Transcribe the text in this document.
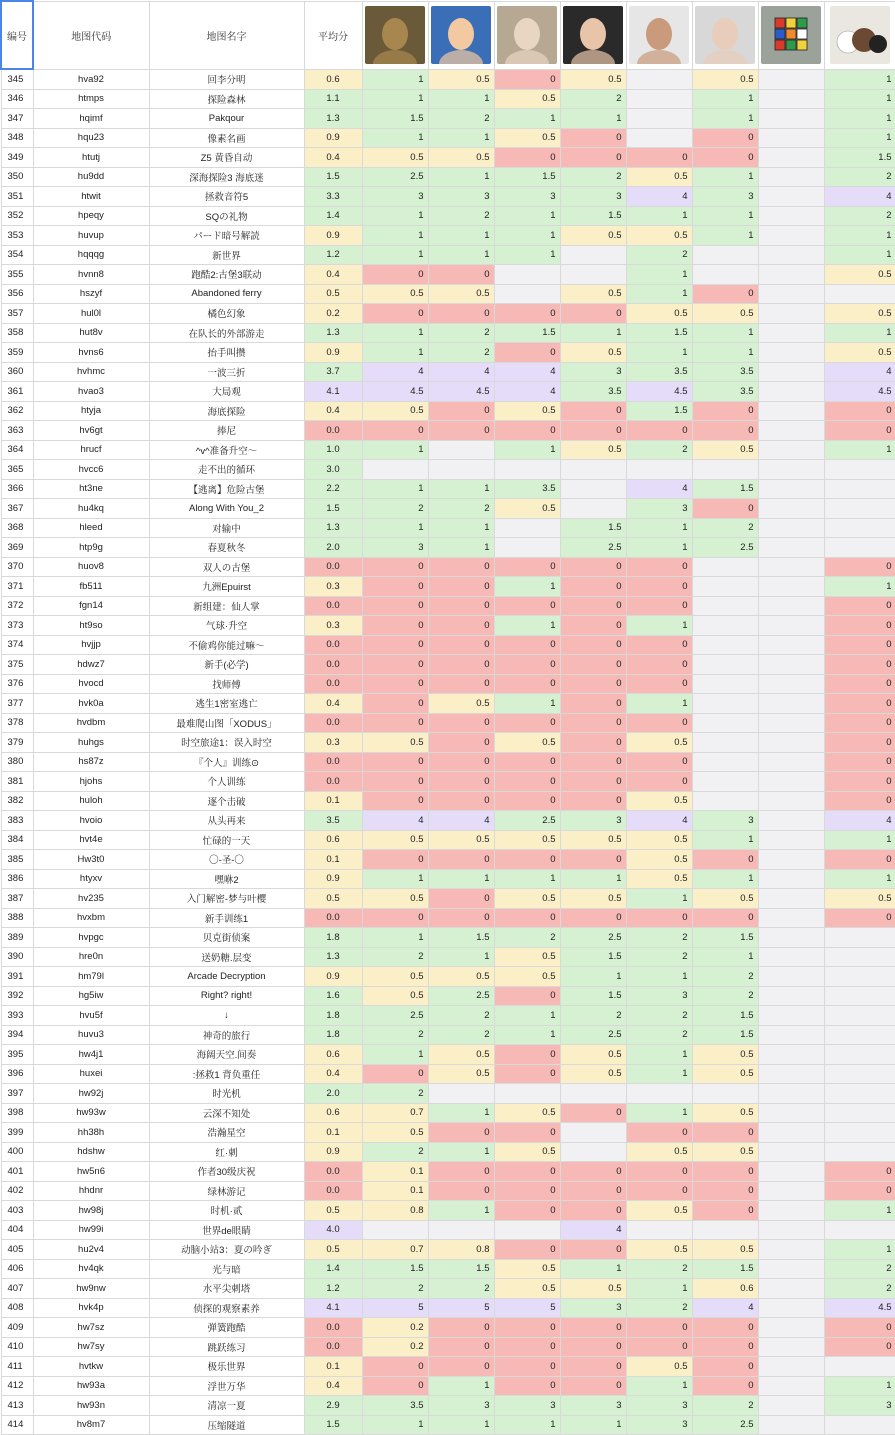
编号	地图代码	地图名字	平均分	

345	hva92	回李分明	0.6	1	0.5	0	0.5		0.5		1
346	htmps	探险森林	1.1	1	1	0.5	2		1		1
347	hqimf	Pakqour	1.3	1.5	2	1	1		1		1
348	hqu23	像素名画	0.9	1	1	0.5	0		0		1
349	htutj	Z5 黄昏自动	0.4	0.5	0.5	0	0	0	0		1.5
350	hu9dd	深海探险3 海底迷	1.5	2.5	1	1.5	2	0.5	1		2
351	htwit	拯救音符5	3.3	3	3	3	3	4	3		4
352	hpeqy	SQの礼物	1.4	1	2	1	1.5	1	1		2
353	huvup	パード暗号解読	0.9	1	1	1	0.5	0.5	1		1
354	hqqqg	新世界	1.2	1	1	1		2			1
355	hvnn8	跑酷2:古堡3联动	0.4	0	0			1			0.5
356	hszyf	Abandoned ferry	0.5	0.5	0.5		0.5	1	0		
357	hul0l	橘色幻象	0.2	0	0	0	0	0.5	0.5		0.5
358	hut8v	在队长的外部游走	1.3	1	2	1.5	1	1.5	1		1
359	hvns6	抬手叫攒	0.9	1	2	0	0.5	1	1		0.5
360	hvhmc	一波三折	3.7	4	4	4	3	3.5	3.5		4
361	hvao3	大局观	4.1	4.5	4.5	4	3.5	4.5	3.5		4.5
362	htyja	海底探险	0.4	0.5	0	0.5	0	1.5	0		0
363	hv6gt	捧尼	0.0	0	0	0	0	0	0		0
364	hrucf	^v^准备升空～	1.0	1		1	0.5	2	0.5		1
365	hvcc6	走不出的循环	3.0								
366	ht3ne	【逃离】危险古堡	2.2	1	1	3.5		4	1.5		
367	hu4kq	Along With You_2	1.5	2	2	0.5		3	0		
368	hleed	对输中	1.3	1	1		1.5	1	2		
369	htp9g	春夏秋冬	2.0	3	1		2.5	1	2.5		
370	huov8	双人の古堡	0.0	0	0	0	0	0			0
371	fb511	九洲Epuirst	0.3	0	0	1	0	0			1
372	fgn14	新组建：仙人掌	0.0	0	0	0	0	0			0
373	ht9so	气球·升空	0.3	0	0	1	0	1			0
374	hvjjp	不偷鸡你能过嘛～	0.0	0	0	0	0	0			0
375	hdwz7	新手(必学)	0.0	0	0	0	0	0			0
376	hvocd	找师傅	0.0	0	0	0	0	0			0
377	hvk0a	逃生1密室逃亡	0.4	0	0.5	1	0	1			0
378	hvdbm	最难爬山图「XODUS」	0.0	0	0	0	0	0			0
379	huhgs	时空旅途1：误入时空	0.3	0.5	0	0.5	0	0.5			0
380	hs87z	『个人』训练⊙	0.0	0	0	0	0	0			0
381	hjohs	个人训练	0.0	0	0	0	0	0			0
382	huloh	逐个击破	0.1	0	0	0	0	0.5			0
383	hvoio	从头再来	3.5	4	4	2.5	3	4	3		4
384	hvt4e	忙碌的一天	0.6	0.5	0.5	0.5	0.5	0.5	1		1
385	Hw3t0	〇-圣-〇	0.1	0	0	0	0	0.5	0		0
386	htyxv	嘿咻2	0.9	1	1	1	1	0.5	1		1
387	hv235	入门解密-梦与叶樱	0.5	0.5	0	0.5	0.5	1	0.5		0.5
388	hvxbm	新手训练1	0.0	0	0	0	0	0	0		0
389	hvpgc	贝克街侦案	1.8	1	1.5	2	2.5	2	1.5		
390	hre0n	送奶糖.层变	1.3	2	1	0.5	1.5	2	1		
391	hm79l	Arcade Decryption	0.9	0.5	0.5	0.5	1	1	2		
392	hg5iw	Right? right!	1.6	0.5	2.5	0	1.5	3	2		
393	hvu5f	↓	1.8	2.5	2	1	2	2	1.5		
394	huvu3	神奇的旅行	1.8	2	2	1	2.5	2	1.5		
395	hw4j1	海阔天空.间奏	0.6	1	0.5	0	0.5	1	0.5		
396	huxei	:拯救1 背负重任	0.4	0	0.5	0	0.5	1	0.5		
397	hw92j	时光机	2.0	2							
398	hw93w	云深不知处	0.6	0.7	1	0.5	0	1	0.5		
399	hh38h	浩瀚星空	0.1	0.5	0	0		0	0		
400	hdshw	红·刺	0.9	2	1	0.5		0.5	0.5		
401	hw5n6	作者30级庆祝	0.0	0.1	0	0	0	0	0		0
402	hhdnr	绿林游记	0.0	0.1	0	0	0	0	0		0
403	hw98j	时机·贰	0.5	0.8	1	0	0	0.5	0		1
404	hw99i	世界de眼睛	4.0				4				
405	hu2v4	动脑小站3：夏の吟ぎ	0.5	0.7	0.8	0	0	0.5	0.5		1
406	hv4qk	光与暗	1.4	1.5	1.5	0.5	1	2	1.5		2
407	hw9nw	水平尖刺塔	1.2	2	2	0.5	0.5	1	0.6		2
408	hvk4p	侦探的观察素养	4.1	5	5	5	3	2	4		4.5
409	hw7sz	弹簧跑酷	0.0	0.2	0	0	0	0	0		0
410	hw7sy	跳跃练习	0.0	0.2	0	0	0	0	0		0
411	hvtkw	极乐世界	0.1	0	0	0	0	0.5	0		
412	hw93a	浮世万华	0.4	0	1	0	0	1	0		1
413	hw93n	清凉一夏	2.9	3.5	3	3	3	3	2		3
414	hv8m7	压缩隧道	1.5	1	1	1	1	3	2.5		
